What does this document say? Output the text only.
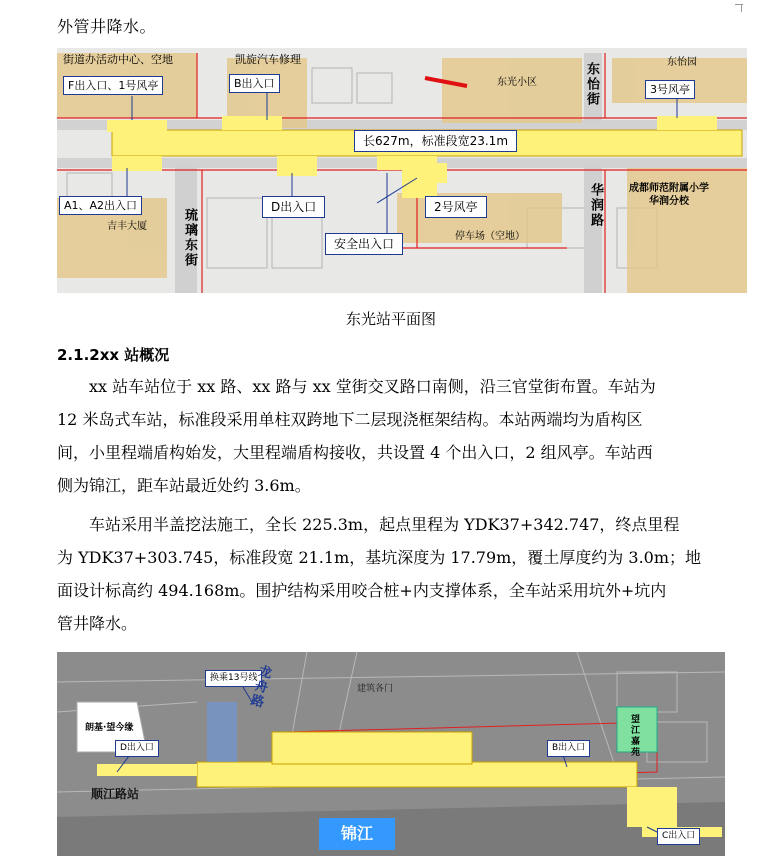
外管井降水。
街道办活动中心、空地	凯旋汽车修理
F出入口、1号风亭	B出入口	东光小区	东怡街	东怡园
3号风亭
长627m，标准段宽23.1m
A1、A2出入口
吉丰大厦	琉璃东街
D出入口	2号风亭
安全出入口
停车场（空地）
华润路	成都师范附属小学
华润分校
东光站平面图
2.1.2xx 站概况
xx 站车站位于 xx 路、xx 路与 xx 堂街交叉路口南侧，沿三官堂街布置。车站为
12 米岛式车站，标准段采用单柱双跨地下二层现浇框架结构。本站两端均为盾构区
间，小里程端盾构始发，大里程端盾构接收，共设置 4 个出入口，2 组风亭。车站西
侧为锦江，距车站最近处约 3.6m。
车站采用半盖挖法施工，全长 225.3m，起点里程为 YDK37+342.747，终点里程
为 YDK37+303.745，标准段宽 21.1m，基坑深度为 17.79m，覆土厚度约为 3.0m；地
面设计标高约 494.168m。围护结构采用咬合桩+内支撑体系，全车站采用坑外+坑内
管井降水。
换乘13号线
龙舟路	建筑各门
朗基·望今缘
D出入口	B出入口	望江嘉苑
顺江路站
锦江	C出入口
